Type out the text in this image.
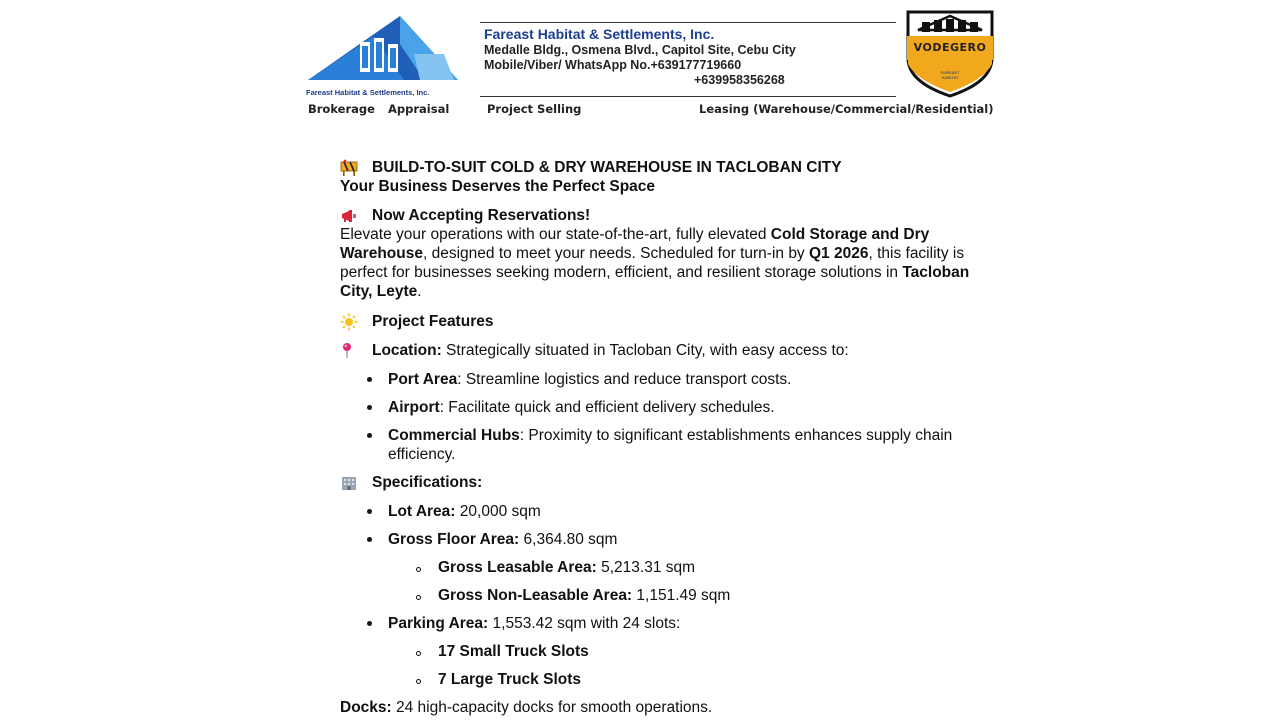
Fareast Habitat & Settlements, Inc.
Fareast Habitat & Settlements, Inc.
Medalle Bldg., Osmena Blvd., Capitol Site, Cebu City
Mobile/Viber/ WhatsApp No.+639177719660
+639958356268
VODEGERO
FAREAST HABITAT
Brokerage Appraisal	Project Selling	Leasing (Warehouse/Commercial/Residential)
BUILD-TO-SUIT COLD & DRY WAREHOUSE IN TACLOBAN CITY

Your Business Deserves the Perfect Space

Now Accepting Reservations!

Elevate your operations with our state-of-the-art, fully elevated Cold Storage and Dry Warehouse, designed to meet your needs. Scheduled for turn-in by Q1 2026, this facility is perfect for businesses seeking modern, efficient, and resilient storage solutions in Tacloban City, Leyte.

Project Features
Location: Strategically situated in Tacloban City, with easy access to:
Port Area: Streamline logistics and reduce transport costs.
Airport: Facilitate quick and efficient delivery schedules.
Commercial Hubs: Proximity to significant establishments enhances supply chain efficiency.
Specifications:
Lot Area: 20,000 sqm
Gross Floor Area: 6,364.80 sqm
Gross Leasable Area: 5,213.31 sqm
Gross Non-Leasable Area: 1,151.49 sqm
Parking Area: 1,553.42 sqm with 24 slots:
17 Small Truck Slots
7 Large Truck Slots

Docks: 24 high-capacity docks for smooth operations.
